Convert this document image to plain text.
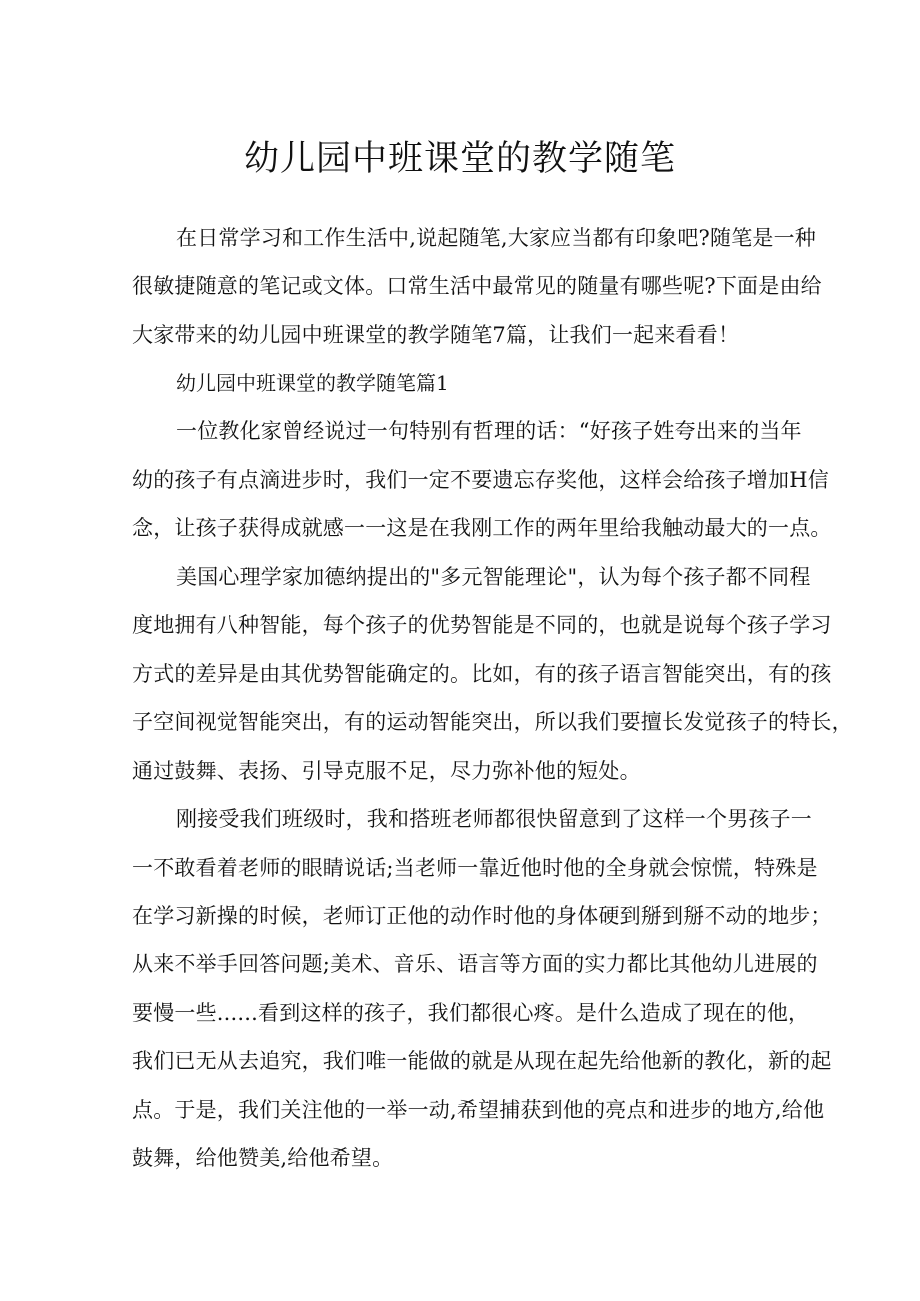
幼儿园中班课堂的教学随笔
在日常学习和工作生活中,说起随笔,大家应当都有印象吧?随笔是一种
很敏捷随意的笔记或文体。口常生活中最常见的随量有哪些呢?下面是由给
大家带来的幼儿园中班课堂的教学随笔7篇，让我们一起来看看！
幼儿园中班课堂的教学随笔篇1
一位教化家曾经说过一句特别有哲理的话：“好孩子姓夸出来的当年
幼的孩子有点滴进步时，我们一定不要遗忘存奖他，这样会给孩子增加H信
念，让孩子获得成就感一一这是在我刚工作的两年里给我触动最大的一点。
美国心理学家加德纳提出的"多元智能理论"，认为每个孩子都不同程
度地拥有八种智能，每个孩子的优势智能是不同的，也就是说每个孩子学习
方式的差异是由其优势智能确定的。比如，有的孩子语言智能突出，有的孩
子空间视觉智能突出，有的运动智能突出，所以我们要擅长发觉孩子的特长，
通过鼓舞、表扬、引导克服不足，尽力弥补他的短处。
刚接受我们班级时，我和搭班老师都很快留意到了这样一个男孩子一
一不敢看着老师的眼睛说话;当老师一靠近他时他的全身就会惊慌，特殊是
在学习新操的时候，老师订正他的动作时他的身体硬到掰到掰不动的地步；
从来不举手回答问题;美术、音乐、语言等方面的实力都比其他幼儿进展的
要慢一些......看到这样的孩子，我们都很心疼。是什么造成了现在的他，
我们已无从去追究，我们唯一能做的就是从现在起先给他新的教化，新的起
点。于是，我们关注他的一举一动,希望捕获到他的亮点和进步的地方,给他
鼓舞，给他赞美,给他希望。
